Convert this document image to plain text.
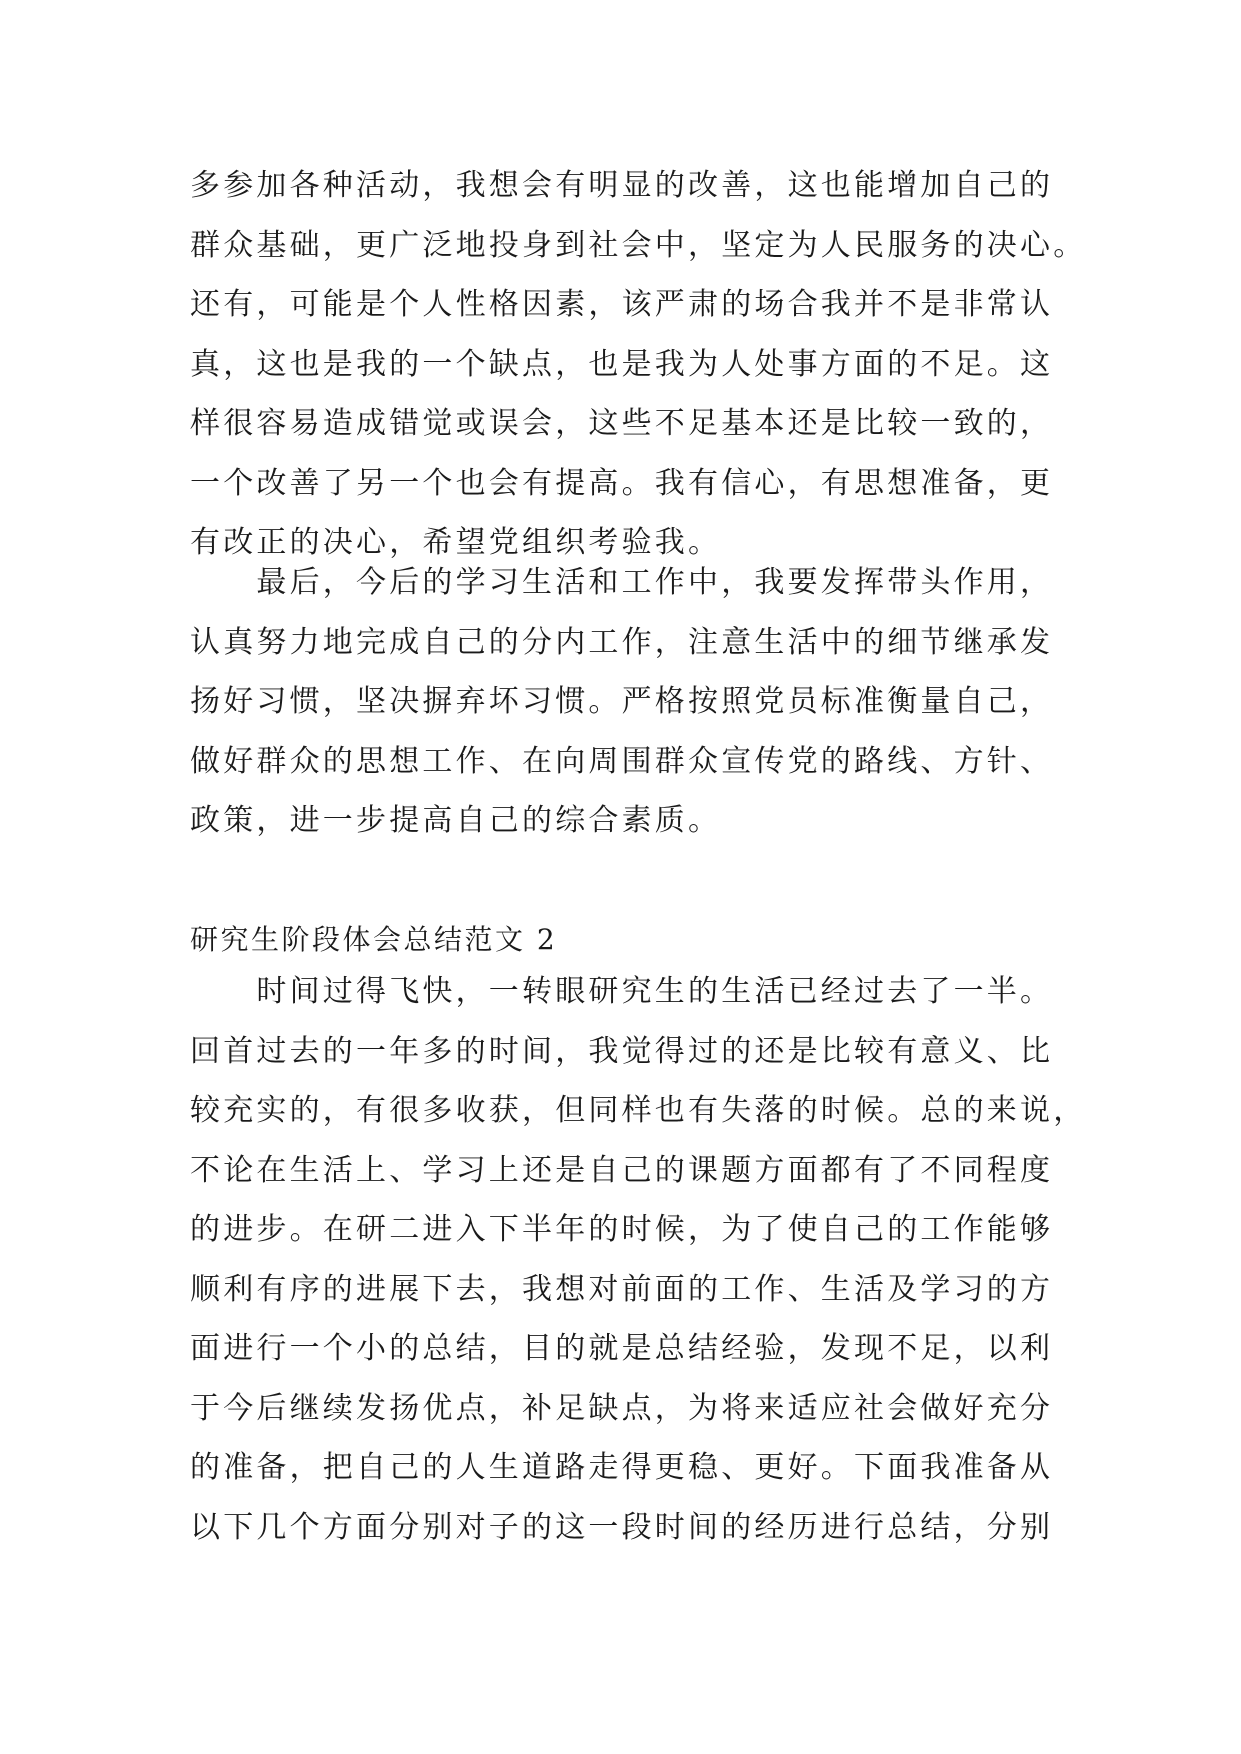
多参加各种活动，我想会有明显的改善，这也能增加自己的
群众基础，更广泛地投身到社会中，坚定为人民服务的决心。
还有，可能是个人性格因素，该严肃的场合我并不是非常认
真，这也是我的一个缺点，也是我为人处事方面的不足。这
样很容易造成错觉或误会，这些不足基本还是比较一致的，
一个改善了另一个也会有提高。我有信心，有思想准备，更
有改正的决心，希望党组织考验我。
　　最后，今后的学习生活和工作中，我要发挥带头作用，
认真努力地完成自己的分内工作，注意生活中的细节继承发
扬好习惯，坚决摒弃坏习惯。严格按照党员标准衡量自己，
做好群众的思想工作、在向周围群众宣传党的路线、方针、
政策，进一步提高自己的综合素质。
研究生阶段体会总结范文 2
　　时间过得飞快，一转眼研究生的生活已经过去了一半。
回首过去的一年多的时间，我觉得过的还是比较有意义、比
较充实的，有很多收获，但同样也有失落的时候。总的来说，
不论在生活上、学习上还是自己的课题方面都有了不同程度
的进步。在研二进入下半年的时候，为了使自己的工作能够
顺利有序的进展下去，我想对前面的工作、生活及学习的方
面进行一个小的总结，目的就是总结经验，发现不足，以利
于今后继续发扬优点，补足缺点，为将来适应社会做好充分
的准备，把自己的人生道路走得更稳、更好。下面我准备从
以下几个方面分别对子的这一段时间的经历进行总结，分别
